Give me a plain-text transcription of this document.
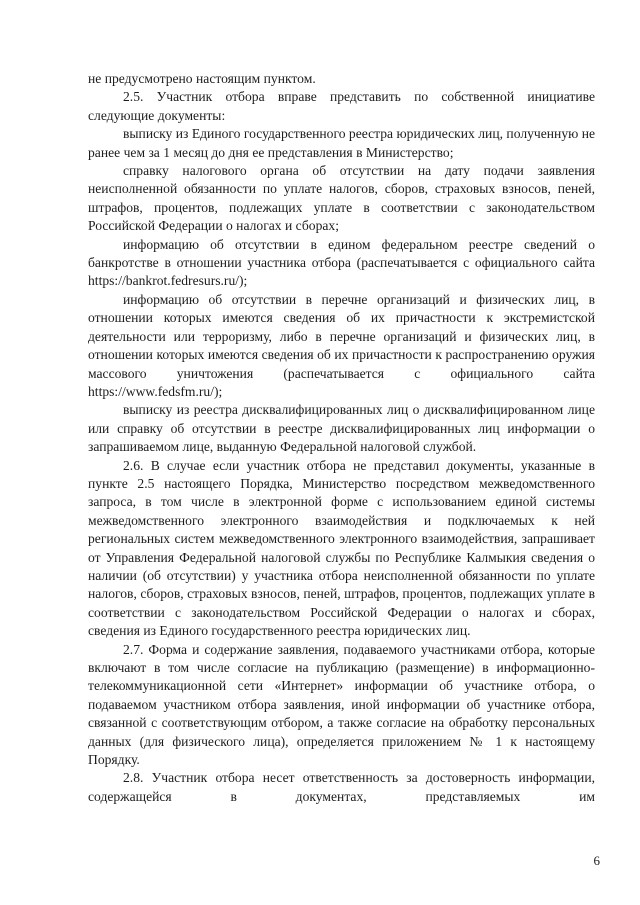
не предусмотрено настоящим пунктом.

2.5. Участник отбора вправе представить по собственной инициативе следующие документы:

выписку из Единого государственного реестра юридических лиц, полученную не ранее чем за 1 месяц до дня ее представления в Министерство;

справку налогового органа об отсутствии на дату подачи заявления неисполненной обязанности по уплате налогов, сборов, страховых взносов, пеней, штрафов, процентов, подлежащих уплате в соответствии с законодательством Российской Федерации о налогах и сборах;

информацию об отсутствии в едином федеральном реестре сведений о банкротстве в отношении участника отбора (распечатывается с официального сайта https://bankrot.fedresurs.ru/);

информацию об отсутствии в перечне организаций и физических лиц, в отношении которых имеются сведения об их причастности к экстремистской деятельности или терроризму, либо в перечне организаций и физических лиц, в отношении которых имеются сведения об их причастности к распространению оружия массового уничтожения (распечатывается с официального сайта https://www.fedsfm.ru/);

выписку из реестра дисквалифицированных лиц о дисквалифицированном лице или справку об отсутствии в реестре дисквалифицированных лиц информации о запрашиваемом лице, выданную Федеральной налоговой службой.

2.6. В случае если участник отбора не представил документы, указанные в пункте 2.5 настоящего Порядка, Министерство посредством межведомственного запроса, в том числе в электронной форме с использованием единой системы межведомственного электронного взаимодействия и подключаемых к ней региональных систем межведомственного электронного взаимодействия, запрашивает от Управления Федеральной налоговой службы по Республике Калмыкия сведения о наличии (об отсутствии) у участника отбора неисполненной обязанности по уплате налогов, сборов, страховых взносов, пеней, штрафов, процентов, подлежащих уплате в соответствии с законодательством Российской Федерации о налогах и сборах, сведения из Единого государственного реестра юридических лиц.

2.7. Форма и содержание заявления, подаваемого участниками отбора, которые включают в том числе согласие на публикацию (размещение) в информационно-телекоммуникационной сети «Интернет» информации об участнике отбора, о подаваемом участником отбора заявления, иной информации об участнике отбора, связанной с соответствующим отбором, а также согласие на обработку персональных данных (для физического лица), определяется приложением № 1 к настоящему Порядку.

2.8. Участник отбора несет ответственность за достоверность информации, содержащейся в документах, представляемых им

6
